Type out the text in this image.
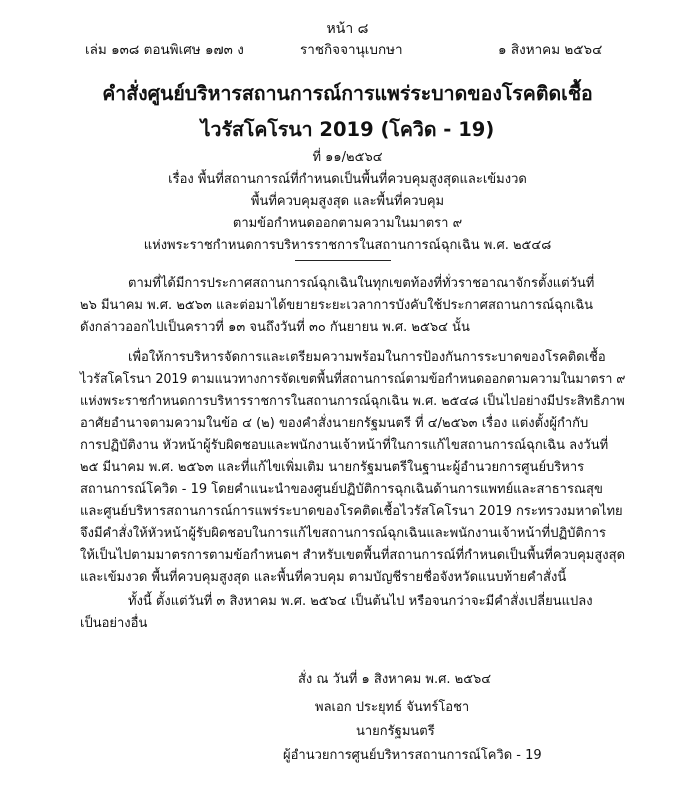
หน้า ๘
เล่ม ๑๓๘ ตอนพิเศษ ๑๗๓ ง	ราชกิจจานุเบกษา	๑ สิงหาคม ๒๕๖๔
คำสั่งศูนย์บริหารสถานการณ์การแพร่ระบาดของโรคติดเชื้อ
ไวรัสโคโรนา 2019 (โควิด - 19)
ที่ ๑๑/๒๕๖๔
เรื่อง พื้นที่สถานการณ์ที่กำหนดเป็นพื้นที่ควบคุมสูงสุดและเข้มงวด
พื้นที่ควบคุมสูงสุด และพื้นที่ควบคุม
ตามข้อกำหนดออกตามความในมาตรา ๙
แห่งพระราชกำหนดการบริหารราชการในสถานการณ์ฉุกเฉิน พ.ศ. ๒๕๔๘
ตามที่ได้มีการประกาศสถานการณ์ฉุกเฉินในทุกเขตท้องที่ทั่วราชอาณาจักรตั้งแต่วันที่
๒๖ มีนาคม พ.ศ. ๒๕๖๓ และต่อมาได้ขยายระยะเวลาการบังคับใช้ประกาศสถานการณ์ฉุกเฉิน
ดังกล่าวออกไปเป็นคราวที่ ๑๓ จนถึงวันที่ ๓๐ กันยายน พ.ศ. ๒๕๖๔ นั้น
เพื่อให้การบริหารจัดการและเตรียมความพร้อมในการป้องกันการระบาดของโรคติดเชื้อ
ไวรัสโคโรนา 2019 ตามแนวทางการจัดเขตพื้นที่สถานการณ์ตามข้อกำหนดออกตามความในมาตรา ๙
แห่งพระราชกำหนดการบริหารราชการในสถานการณ์ฉุกเฉิน พ.ศ. ๒๕๔๘ เป็นไปอย่างมีประสิทธิภาพ
อาศัยอำนาจตามความในข้อ ๔ (๒) ของคำสั่งนายกรัฐมนตรี ที่ ๔/๒๕๖๓ เรื่อง แต่งตั้งผู้กำกับ
การปฏิบัติงาน หัวหน้าผู้รับผิดชอบและพนักงานเจ้าหน้าที่ในการแก้ไขสถานการณ์ฉุกเฉิน ลงวันที่
๒๕ มีนาคม พ.ศ. ๒๕๖๓ และที่แก้ไขเพิ่มเติม นายกรัฐมนตรีในฐานะผู้อำนวยการศูนย์บริหาร
สถานการณ์โควิด - 19 โดยคำแนะนำของศูนย์ปฏิบัติการฉุกเฉินด้านการแพทย์และสาธารณสุข
และศูนย์บริหารสถานการณ์การแพร่ระบาดของโรคติดเชื้อไวรัสโคโรนา 2019 กระทรวงมหาดไทย
จึงมีคำสั่งให้หัวหน้าผู้รับผิดชอบในการแก้ไขสถานการณ์ฉุกเฉินและพนักงานเจ้าหน้าที่ปฏิบัติการ
ให้เป็นไปตามมาตรการตามข้อกำหนดฯ สำหรับเขตพื้นที่สถานการณ์ที่กำหนดเป็นพื้นที่ควบคุมสูงสุด
และเข้มงวด พื้นที่ควบคุมสูงสุด และพื้นที่ควบคุม ตามบัญชีรายชื่อจังหวัดแนบท้ายคำสั่งนี้
ทั้งนี้ ตั้งแต่วันที่ ๓ สิงหาคม พ.ศ. ๒๕๖๔ เป็นต้นไป หรือจนกว่าจะมีคำสั่งเปลี่ยนแปลง
เป็นอย่างอื่น
สั่ง ณ วันที่ ๑ สิงหาคม พ.ศ. ๒๕๖๔
พลเอก ประยุทธ์ จันทร์โอชา
นายกรัฐมนตรี
ผู้อำนวยการศูนย์บริหารสถานการณ์โควิด - 19
